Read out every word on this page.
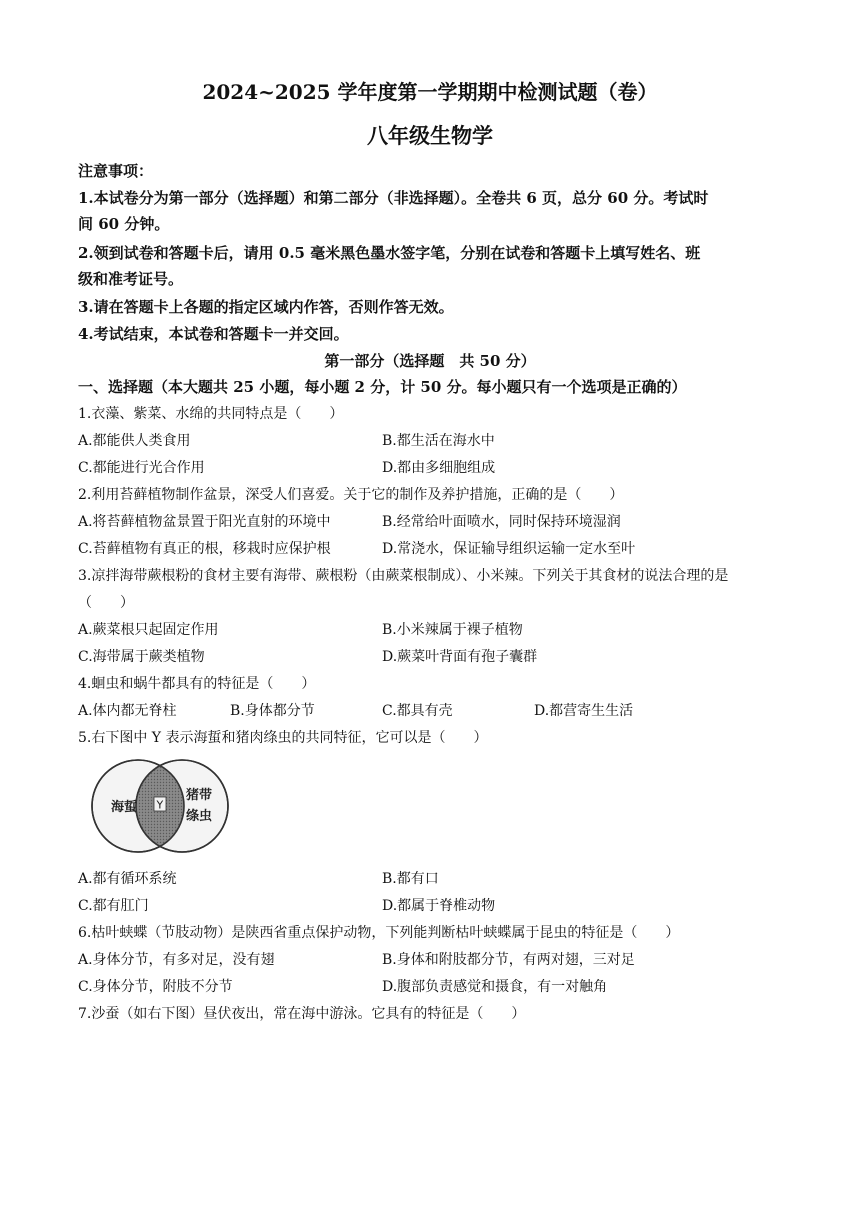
2024~2025 学年度第一学期期中检测试题（卷）
八年级生物学
注意事项：
1.本试卷分为第一部分（选择题）和第二部分（非选择题）。全卷共 6 页，总分 60 分。考试时
间 60 分钟。
2.领到试卷和答题卡后，请用 0.5 毫米黑色墨水签字笔，分别在试卷和答题卡上填写姓名、班
级和准考证号。
3.请在答题卡上各题的指定区域内作答，否则作答无效。
4.考试结束，本试卷和答题卡一并交回。
第一部分（选择题　共 50 分）
一、选择题（本大题共 25 小题，每小题 2 分，计 50 分。每小题只有一个选项是正确的）
1.衣藻、紫菜、水绵的共同特点是（　　）
A.都能供人类食用	B.都生活在海水中
C.都能进行光合作用	D.都由多细胞组成
2.利用苔藓植物制作盆景，深受人们喜爱。关于它的制作及养护措施，正确的是（　　）
A.将苔藓植物盆景置于阳光直射的环境中	B.经常给叶面喷水，同时保持环境湿润
C.苔藓植物有真正的根，移栽时应保护根	D.常浇水，保证输导组织运输一定水至叶
3.凉拌海带蕨根粉的食材主要有海带、蕨根粉（由蕨菜根制成）、小米辣。下列关于其食材的说法合理的是
（　　）
A.蕨菜根只起固定作用	B.小米辣属于裸子植物
C.海带属于蕨类植物	D.蕨菜叶背面有孢子囊群
4.蛔虫和蜗牛都具有的特征是（　　）
A.体内都无脊柱	B.身体都分节	C.都具有壳	D.都营寄生生活
5.右下图中 Y 表示海蜇和猪肉绦虫的共同特征，它可以是（　　）
海蜇 Y
猪带
绦虫
A.都有循环系统	B.都有口
C.都有肛门	D.都属于脊椎动物
6.枯叶蛱蝶（节肢动物）是陕西省重点保护动物，下列能判断枯叶蛱蝶属于昆虫的特征是（　　）
A.身体分节，有多对足，没有翅	B.身体和附肢都分节，有两对翅，三对足
C.身体分节，附肢不分节	D.腹部负责感觉和摄食，有一对触角
7.沙蚕（如右下图）昼伏夜出，常在海中游泳。它具有的特征是（　　）
